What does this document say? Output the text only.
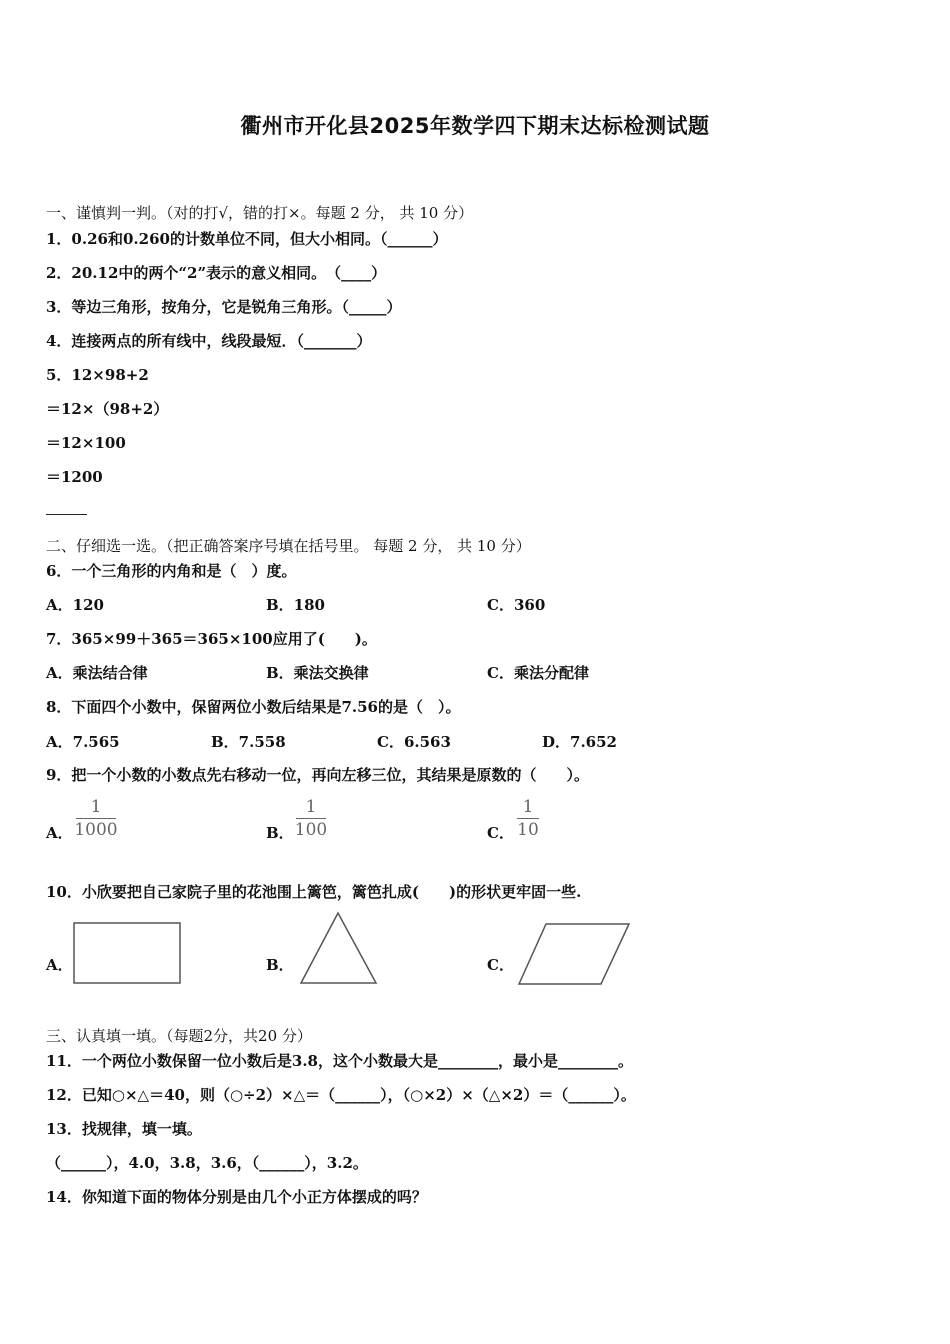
衢州市开化县2025年数学四下期末达标检测试题
一、谨慎判一判。（对的打√，错的打×。每题 2 分， 共 10 分）
1．0.26和0.260的计数单位不同，但大小相同。（______）
2．20.12中的两个“2”表示的意义相同。　（____）
3．等边三角形，按角分，它是锐角三角形。（_____）
4．连接两点的所有线中，线段最短．（_______）
5．12×98+2
＝12×（98+2）
＝12×100
＝1200
二、仔细选一选。（把正确答案序号填在括号里。 每题 2 分， 共 10 分）
6．一个三角形的内角和是（　）度。
A．120	B．180	C．360
7．365×99＋365＝365×100应用了(　　)。
A．乘法结合律	B．乘法交换律	C．乘法分配律
8．下面四个小数中，保留两位小数后结果是7.56的是（　）。
A．7.565	B．7.558	C．6.563	D．7.652
9．把一个小数的小数点先右移动一位，再向左移三位，其结果是原数的（　　）。
A．
1
1000	B．
1
100	C．
1
10
10．小欣要把自己家院子里的花池围上篱笆，篱笆扎成(　　)的形状更牢固一些.
A．	B．	C．
三、认真填一填。（每题2分，共20 分）
11．一个两位小数保留一位小数后是3.8，这个小数最大是________，最小是________。
12．已知○×△＝40，则（○÷2）×△＝（______），（○×2）×（△×2）＝（______）。
13．找规律，填一填。
（______），4.0，3.8，3.6，（______），3.2。
14．你知道下面的物体分别是由几个小正方体摆成的吗？
